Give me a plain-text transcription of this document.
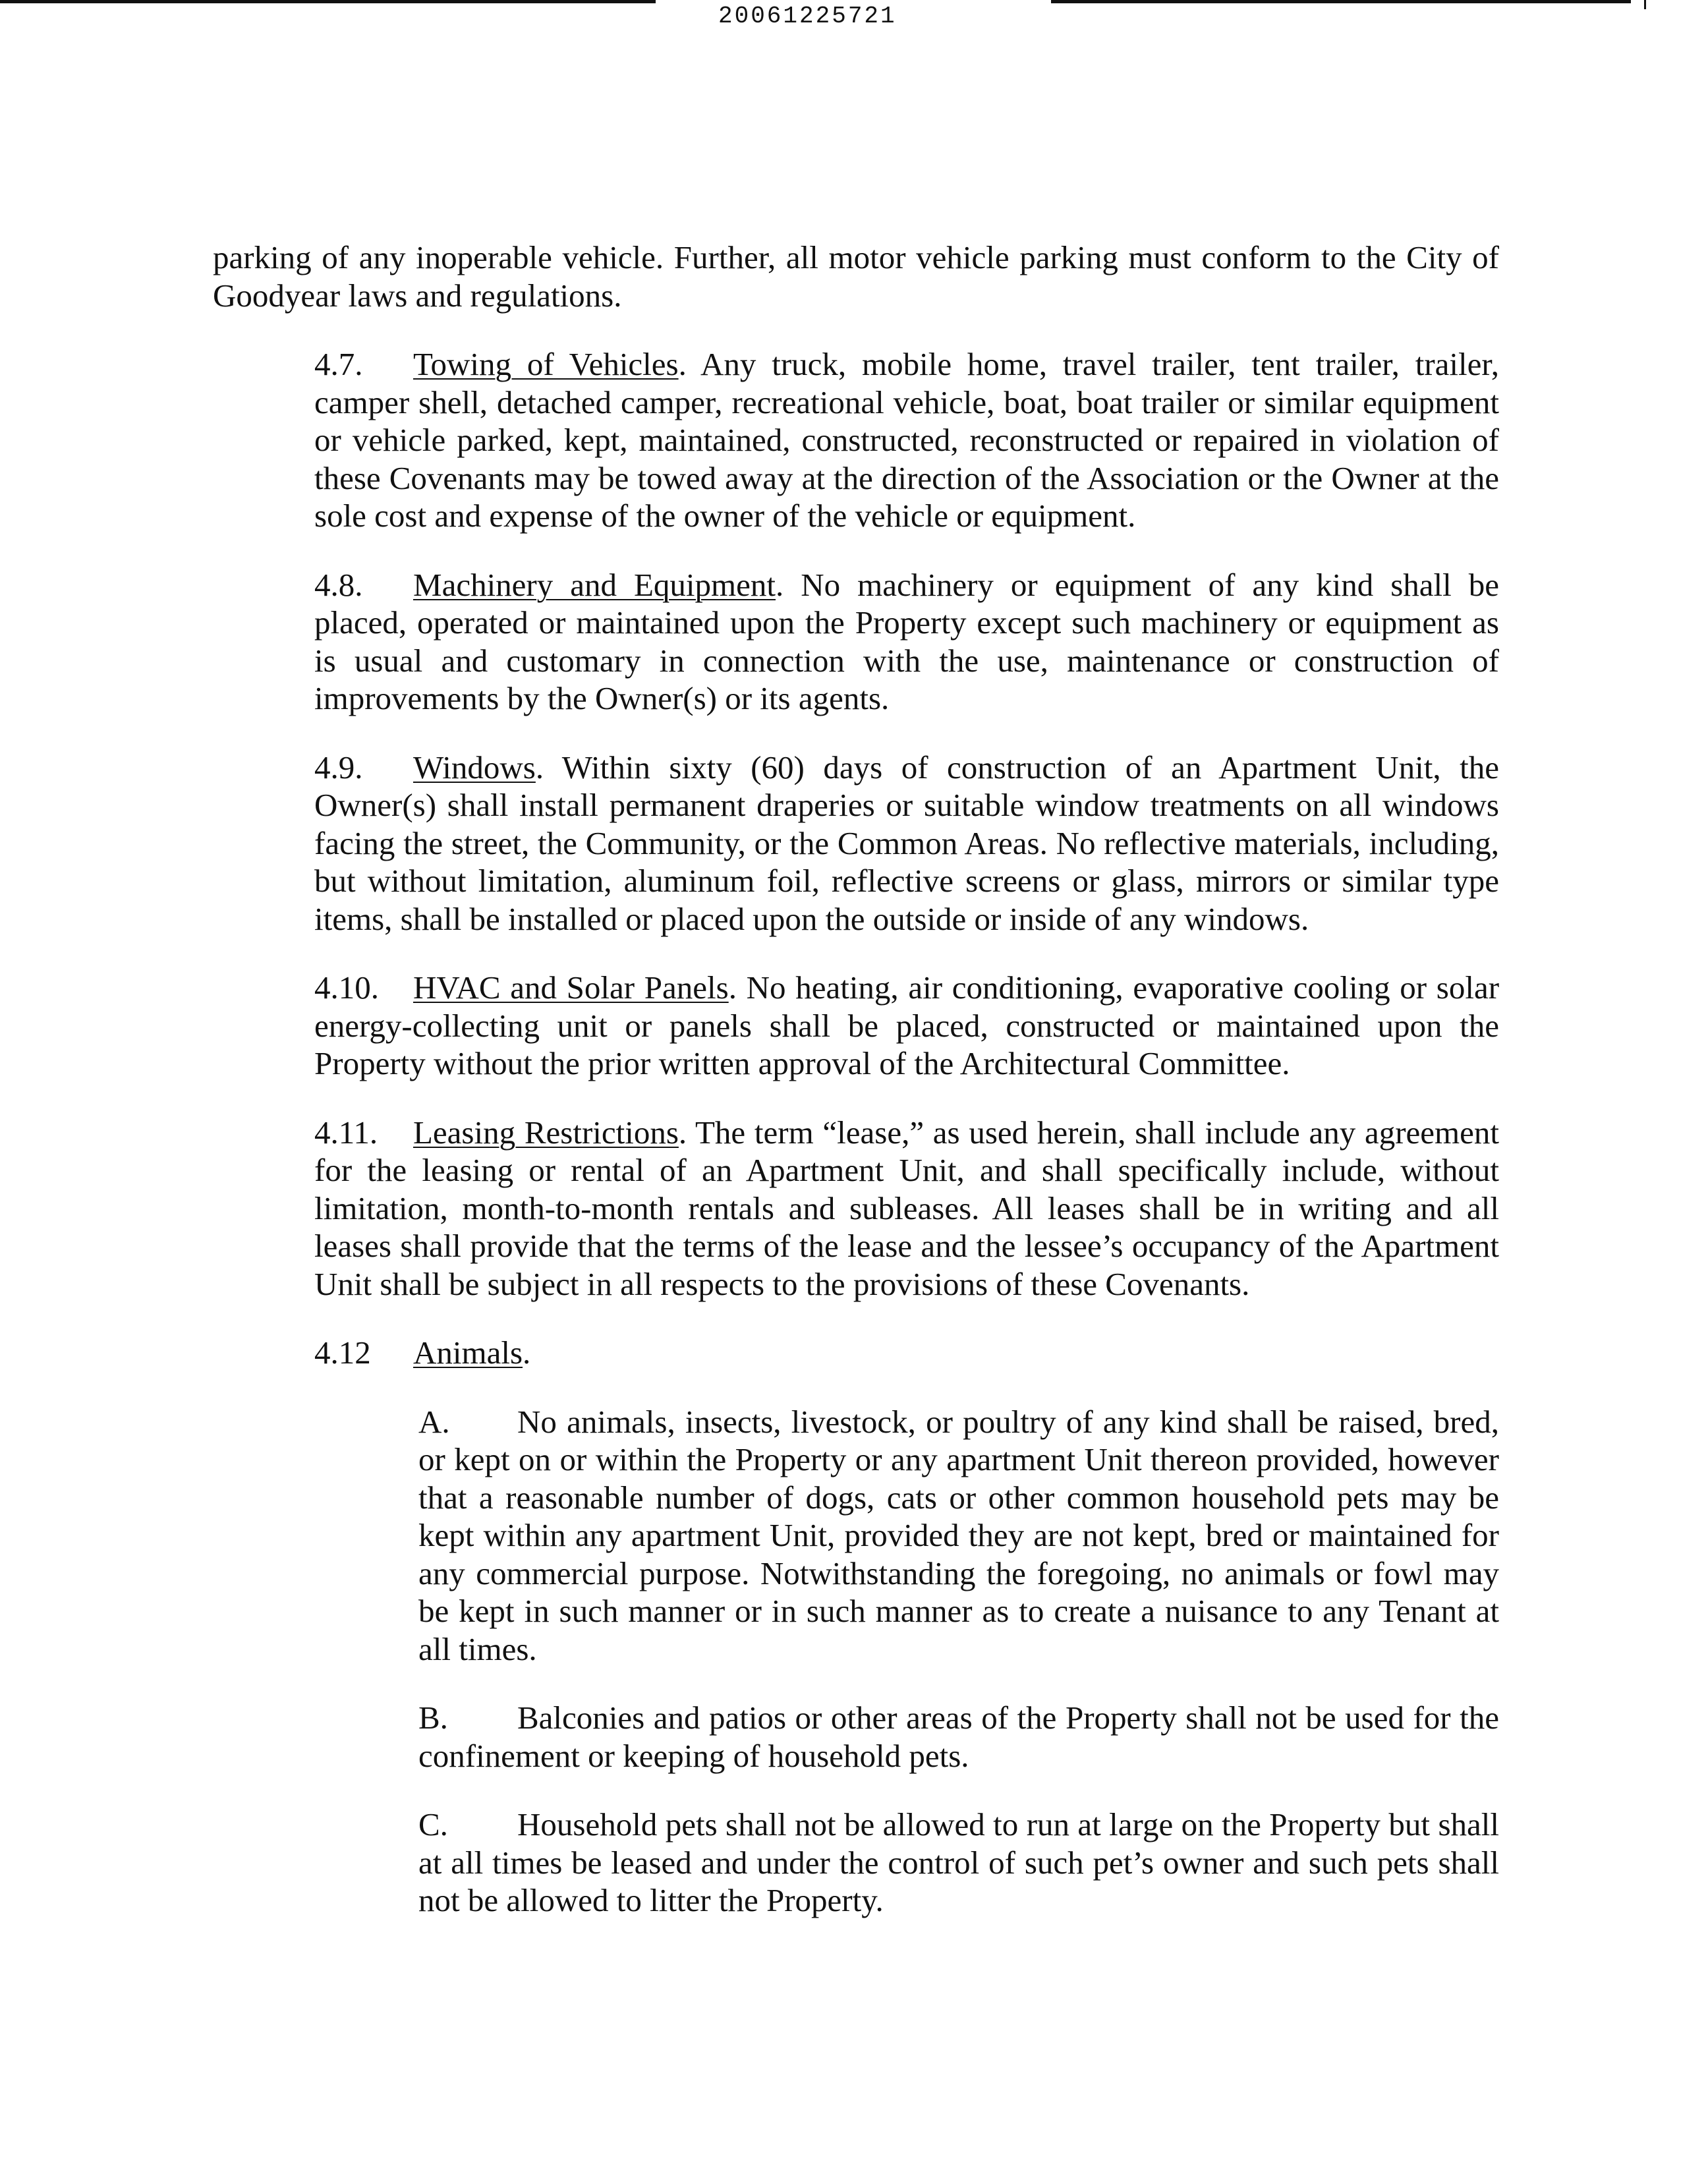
20061225721

parking of any inoperable vehicle. Further, all motor vehicle parking must conform to the City of Goodyear laws and regulations.

4.7. Towing of Vehicles. Any truck, mobile home, travel trailer, tent trailer, trailer, camper shell, detached camper, recreational vehicle, boat, boat trailer or similar equipment or vehicle parked, kept, maintained, constructed, reconstructed or repaired in violation of these Covenants may be towed away at the direction of the Association or the Owner at the sole cost and expense of the owner of the vehicle or equipment.

4.8. Machinery and Equipment. No machinery or equipment of any kind shall be placed, operated or maintained upon the Property except such machinery or equipment as is usual and customary in connection with the use, maintenance or construction of improvements by the Owner(s) or its agents.

4.9. Windows. Within sixty (60) days of construction of an Apartment Unit, the Owner(s) shall install permanent draperies or suitable window treatments on all windows facing the street, the Community, or the Common Areas. No reflective materials, including, but without limitation, aluminum foil, reflective screens or glass, mirrors or similar type items, shall be installed or placed upon the outside or inside of any windows.

4.10. HVAC and Solar Panels. No heating, air conditioning, evaporative cooling or solar energy-collecting unit or panels shall be placed, constructed or maintained upon the Property without the prior written approval of the Architectural Committee.

4.11. Leasing Restrictions. The term “lease,” as used herein, shall include any agreement for the leasing or rental of an Apartment Unit, and shall specifically include, without limitation, month-to-month rentals and subleases. All leases shall be in writing and all leases shall provide that the terms of the lease and the lessee’s occupancy of the Apartment Unit shall be subject in all respects to the provisions of these Covenants.

4.12 Animals.

A. No animals, insects, livestock, or poultry of any kind shall be raised, bred, or kept on or within the Property or any apartment Unit thereon provided, however that a reasonable number of dogs, cats or other common household pets may be kept within any apartment Unit, provided they are not kept, bred or maintained for any commercial purpose. Notwithstanding the foregoing, no animals or fowl may be kept in such manner or in such manner as to create a nuisance to any Tenant at all times.

B. Balconies and patios or other areas of the Property shall not be used for the confinement or keeping of household pets.

C. Household pets shall not be allowed to run at large on the Property but shall at all times be leased and under the control of such pet’s owner and such pets shall not be allowed to litter the Property.
